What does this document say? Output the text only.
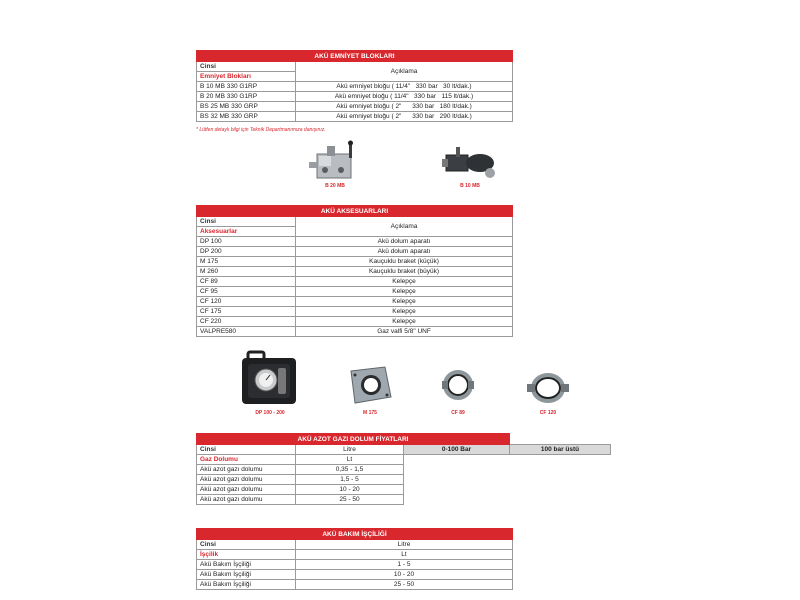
AKÜ EMNİYET BLOKLARI	
Cinsi	Açıklama
Emniyet Blokları	
B 10 MB 330 G1RP	Akü emniyet bloğu ( 11/4"   330 bar   30 lt/dak.)
B 20 MB 330 G1RP	Akü emniyet bloğu ( 11/4"   330 bar   115 lt/dak.)
BS 25 MB 330 GRP	Akü emniyet bloğu ( 2"      330 bar   180 lt/dak.)
BS 32 MB 330 GRP	Akü emniyet bloğu ( 2"      330 bar   290 lt/dak.)
* Lütfen detaylı bilgi için Teknik Departmanımıza danışınız.
B 20 MB	B 10 MB
AKÜ AKSESUARLARI	
Cinsi	Açıklama
Aksesuarlar	
DP 100	Akü dolum aparatı
DP 200	Akü dolum aparatı
M 175	Kauçuklu braket (küçük)
M 260	Kauçuklu braket (büyük)
CF 89	Kelepçe
CF 95	Kelepçe
CF 120	Kelepçe
CF 175	Kelepçe
CF 220	Kelepçe
VALPRE580	Gaz valfi 5/8" UNF
DP 100 - 200	M 175	CF 89	CF 120
AKÜ AZOT GAZI DOLUM FİYATLARI			
Cinsi	Litre	0-100 Bar	100 bar üstü
Gaz Dolumu	Lt		
Akü azot gazı dolumu	0,35 - 1,5		
Akü azot gazı dolumu	1,5 - 5		
Akü azot gazı dolumu	10 - 20		
Akü azot gazı dolumu	25 - 50		
AKÜ BAKIM İŞÇİLİĞİ	
Cinsi	Litre
İşçilik	Lt
Akü Bakım İşçiliği	1 - 5
Akü Bakım İşçiliği	10 - 20
Akü Bakım İşçiliği	25 - 50
